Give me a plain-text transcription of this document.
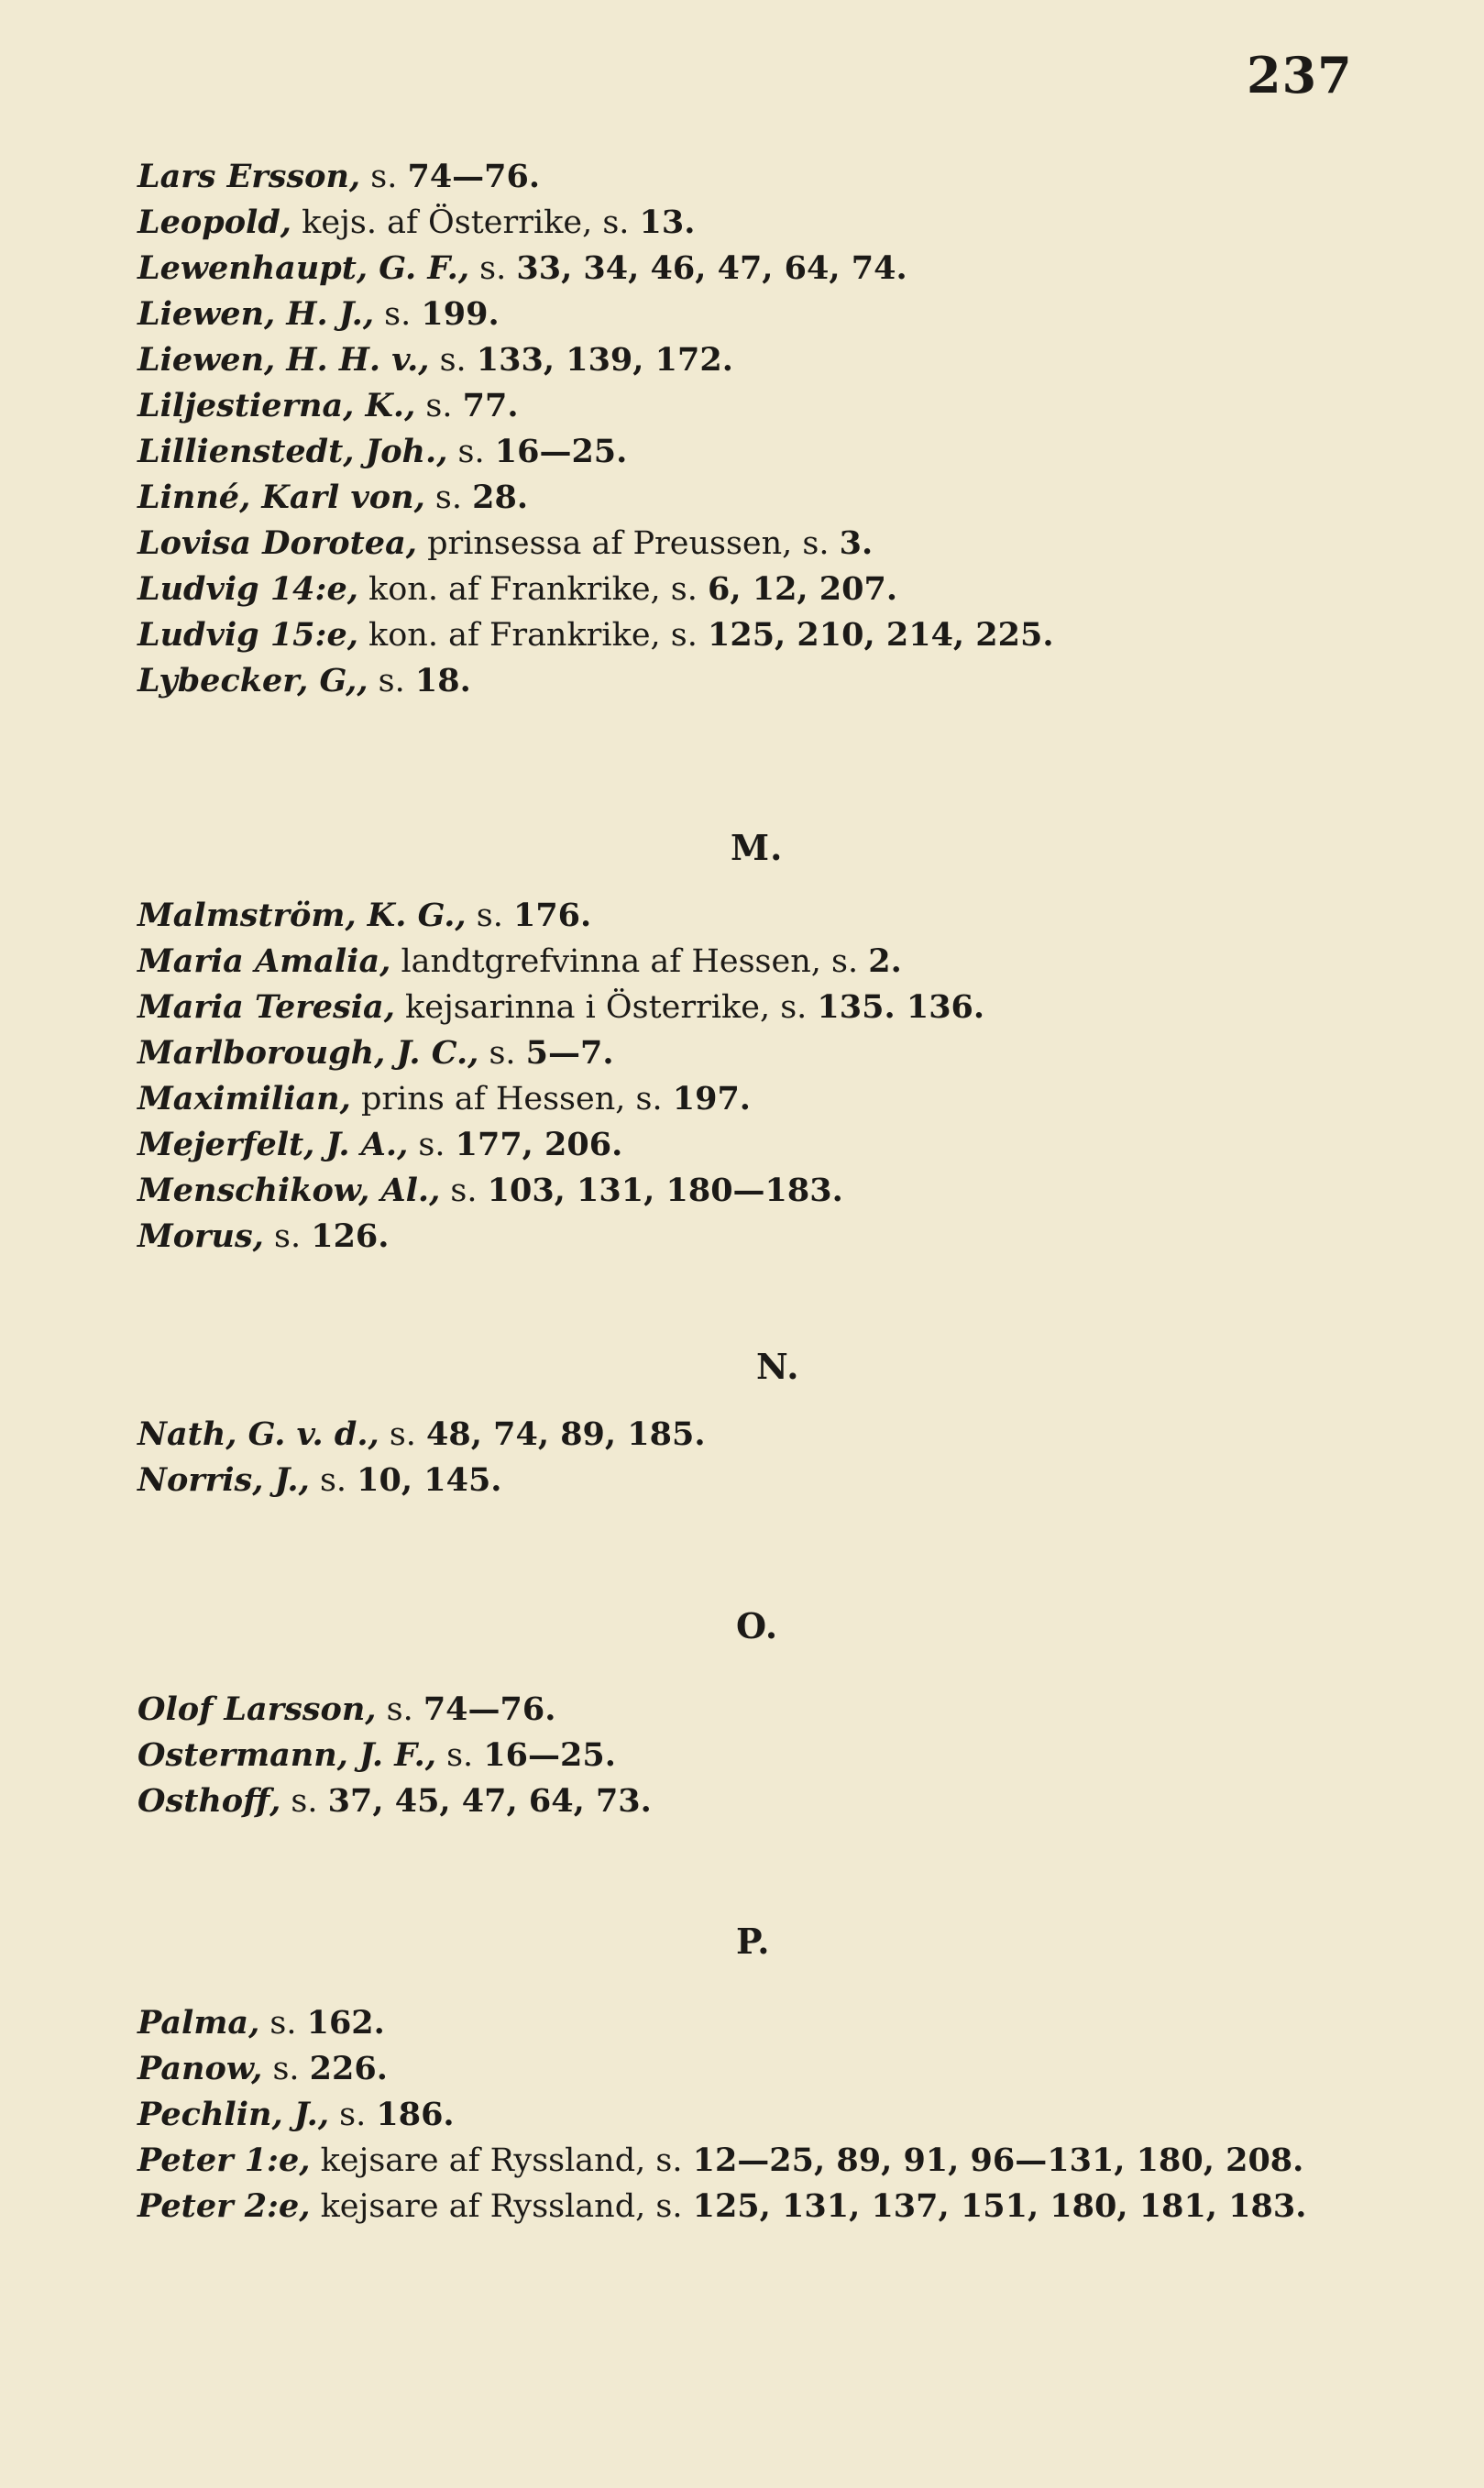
237
Lars Ersson, s. 74—76.
Leopold, kejs. af Österrike, s. 13.
Lewenhaupt, G. F., s. 33, 34, 46, 47, 64, 74.
Liewen, H. J., s. 199.
Liewen, H. H. v., s. 133, 139, 172.
Liljestierna, K., s. 77.
Lillienstedt, Joh., s. 16—25.
Linné, Karl von, s. 28.
Lovisa Dorotea, prinsessa af Preussen, s. 3.
Ludvig 14:e, kon. af Frankrike, s. 6, 12, 207.
Ludvig 15:e, kon. af Frankrike, s. 125, 210, 214, 225.
Lybecker, G,, s. 18.
M.
Malmström, K. G., s. 176.
Maria Amalia, landtgrefvinna af Hessen, s. 2.
Maria Teresia, kejsarinna i Österrike, s. 135. 136.
Marlborough, J. C., s. 5—7.
Maximilian, prins af Hessen, s. 197.
Mejerfelt, J. A., s. 177, 206.
Menschikow, Al., s. 103, 131, 180—183.
Morus, s. 126.
N.
Nath, G. v. d., s. 48, 74, 89, 185.
Norris, J., s. 10, 145.
O.
Olof Larsson, s. 74—76.
Ostermann, J. F., s. 16—25.
Osthoff, s. 37, 45, 47, 64, 73.
P.
Palma, s. 162.
Panow, s. 226.
Pechlin, J., s. 186.
Peter 1:e, kejsare af Ryssland, s. 12—25, 89, 91, 96—131, 180, 208.
Peter 2:e, kejsare af Ryssland, s. 125, 131, 137, 151, 180, 181, 183.
